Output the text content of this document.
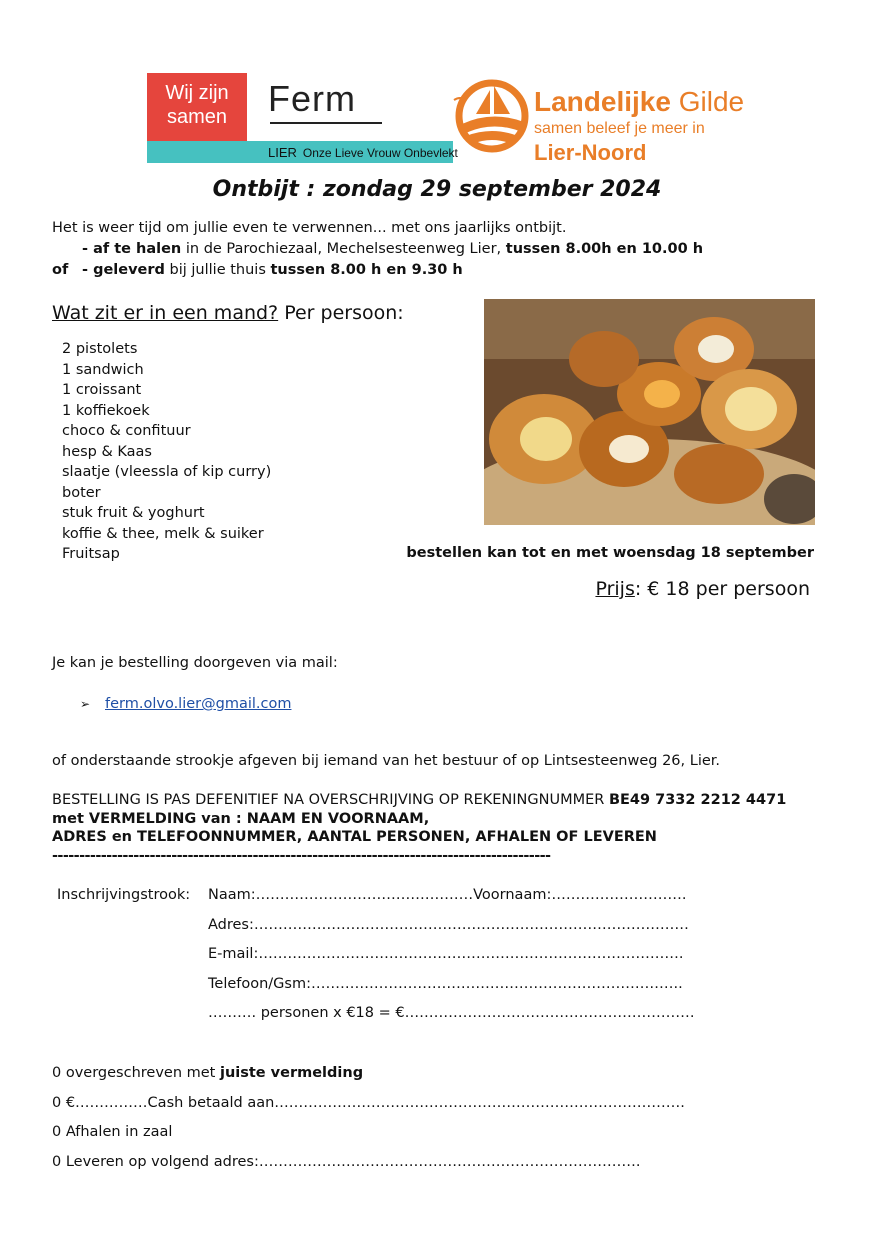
Wij zijn
samen	Ferm
LIER Onze Lieve Vrouw Onbevlekt
Landelijke Gilde
samen beleef je meer in
Lier-Noord
Ontbijt : zondag 29 september 2024
Het is weer tijd om jullie even te verwennen... met ons jaarlijks ontbijt.
- af te halen in de Parochiezaal, Mechelsesteenweg Lier, tussen 8.00h en 10.00 h
of - geleverd bij jullie thuis tussen 8.00 h en 9.30 h
Wat zit er in een mand? Per persoon:
2 pistolets
1 sandwich
1 croissant
1 koffiekoek
choco & confituur
hesp & Kaas
slaatje (vleessla of kip curry)
boter
stuk fruit & yoghurt
koffie & thee, melk & suiker
Fruitsap	bestellen kan tot en met woensdag 18 september
Prijs: € 18 per persoon
Je kan je bestelling doorgeven via mail:
➢ ferm.olvo.lier@gmail.com
of onderstaande strookje afgeven bij iemand van het bestuur of op Lintsesteenweg 26, Lier.
BESTELLING IS PAS DEFENITIEF NA OVERSCHRIJVING OP REKENINGNUMMER BE49 7332 2212 4471
met VERMELDING van : NAAM EN VOORNAAM,
ADRES en TELEFOONNUMMER, AANTAL PERSONEN, AFHALEN OF LEVEREN
--------------------------------------------------------------------------------------------
Inschrijvingstrook: Naam:………………………………………Voornaam:……………………….
Adres:………………………………………………………………………………
E-mail:…………………………………………………………………………….
Telefoon/Gsm:…………………………………………………………………..
………. personen x €18 = €……………………………………………………
0 overgeschreven met juiste vermelding
0 €……………Cash betaald aan………………………………………………………………………….
0 Afhalen in zaal
0 Leveren op volgend adres:…………………………………………………………………….
